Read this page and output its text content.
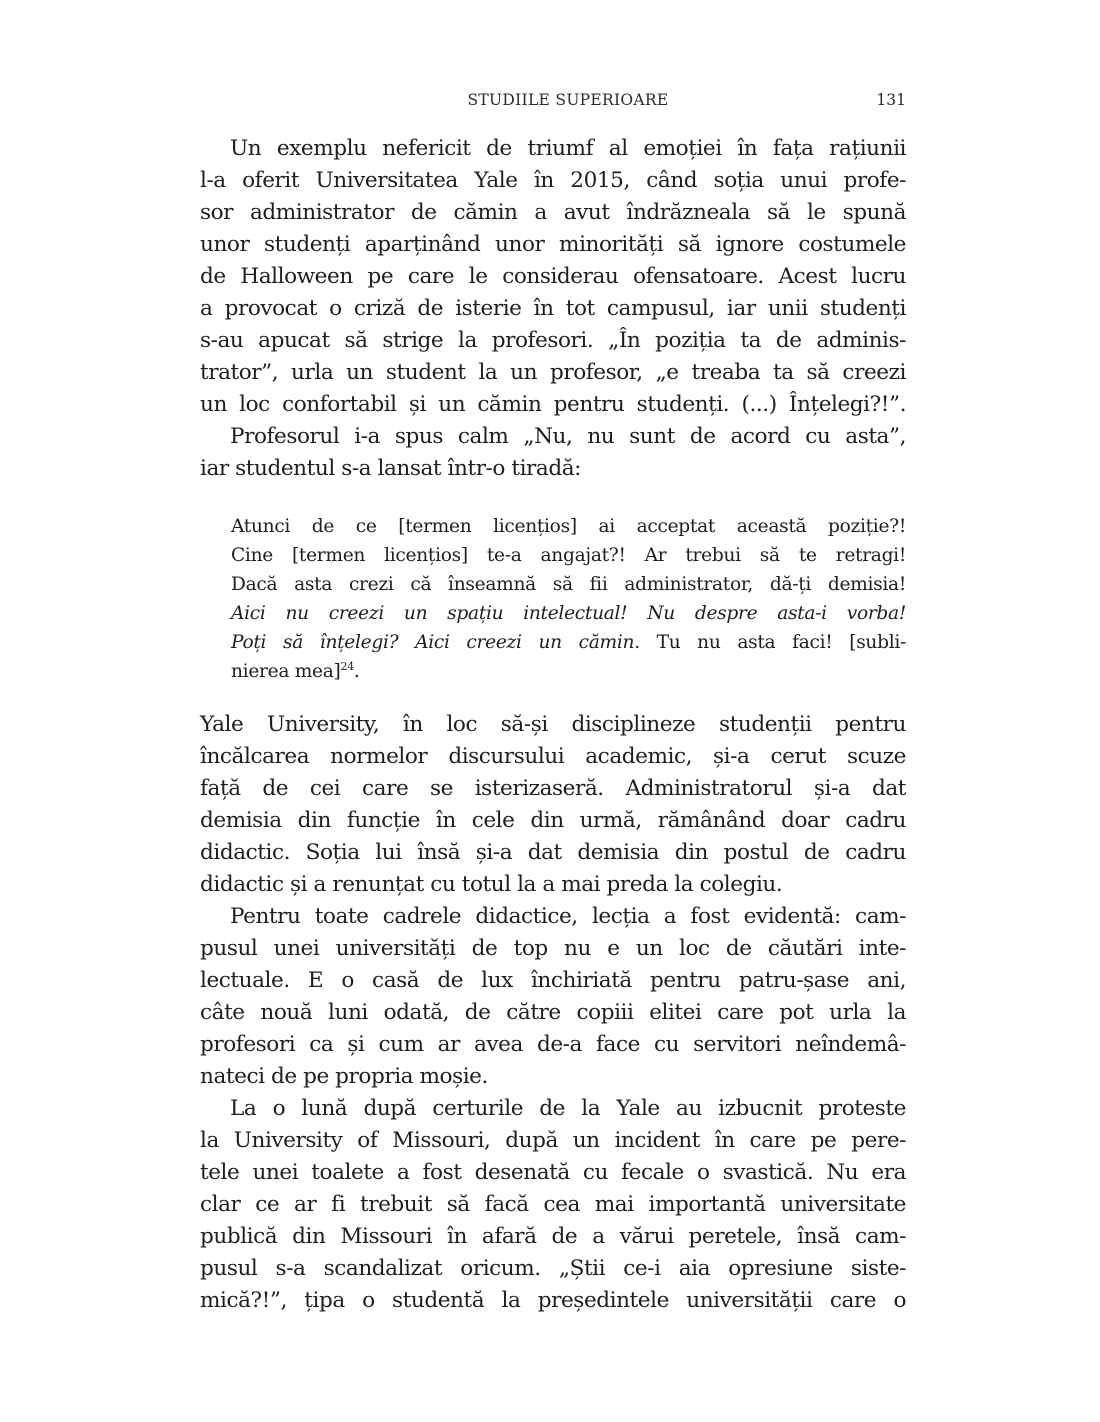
STUDIILE SUPERIOARE	131
Un exemplu nefericit de triumf al emoției în fața rațiunii
l-a oferit Universitatea Yale în 2015, când soția unui profe-
sor administrator de cămin a avut îndrăzneala să le spună
unor studenți aparținând unor minorități să ignore costumele
de Halloween pe care le considerau ofensatoare. Acest lucru
a provocat o criză de isterie în tot campusul, iar unii studenți
s-au apucat să strige la profesori. „În poziția ta de adminis-
trator”, urla un student la un profesor, „e treaba ta să creezi
un loc confortabil și un cămin pentru studenți. (...) Înțelegi?!”.
Profesorul i-a spus calm „Nu, nu sunt de acord cu asta”,
iar studentul s-a lansat într-o tiradă:
Atunci de ce [termen licențios] ai acceptat această poziție?!
Cine [termen licențios] te-a angajat?! Ar trebui să te retragi!
Dacă asta crezi că înseamnă să fii administrator, dă-ți demisia!
Aici nu creezi un spațiu intelectual! Nu despre asta-i vorba!
Poți să înțelegi? Aici creezi un cămin. Tu nu asta faci! [subli-
nierea mea]$^{24}$.
Yale University, în loc să-și disciplineze studenții pentru
încălcarea normelor discursului academic, și-a cerut scuze
față de cei care se isterizaseră. Administratorul și-a dat
demisia din funcție în cele din urmă, rămânând doar cadru
didactic. Soția lui însă și-a dat demisia din postul de cadru
didactic și a renunțat cu totul la a mai preda la colegiu.
Pentru toate cadrele didactice, lecția a fost evidentă: cam-
pusul unei universități de top nu e un loc de căutări inte-
lectuale. E o casă de lux închiriată pentru patru-șase ani,
câte nouă luni odată, de către copiii elitei care pot urla la
profesori ca și cum ar avea de-a face cu servitori neîndemâ-
nateci de pe propria moșie.
La o lună după certurile de la Yale au izbucnit proteste
la University of Missouri, după un incident în care pe pere-
tele unei toalete a fost desenată cu fecale o svastică. Nu era
clar ce ar fi trebuit să facă cea mai importantă universitate
publică din Missouri în afară de a vărui peretele, însă cam-
pusul s-a scandalizat oricum. „Știi ce-i aia opresiune siste-
mică?!”, țipa o studentă la președintele universității care o
